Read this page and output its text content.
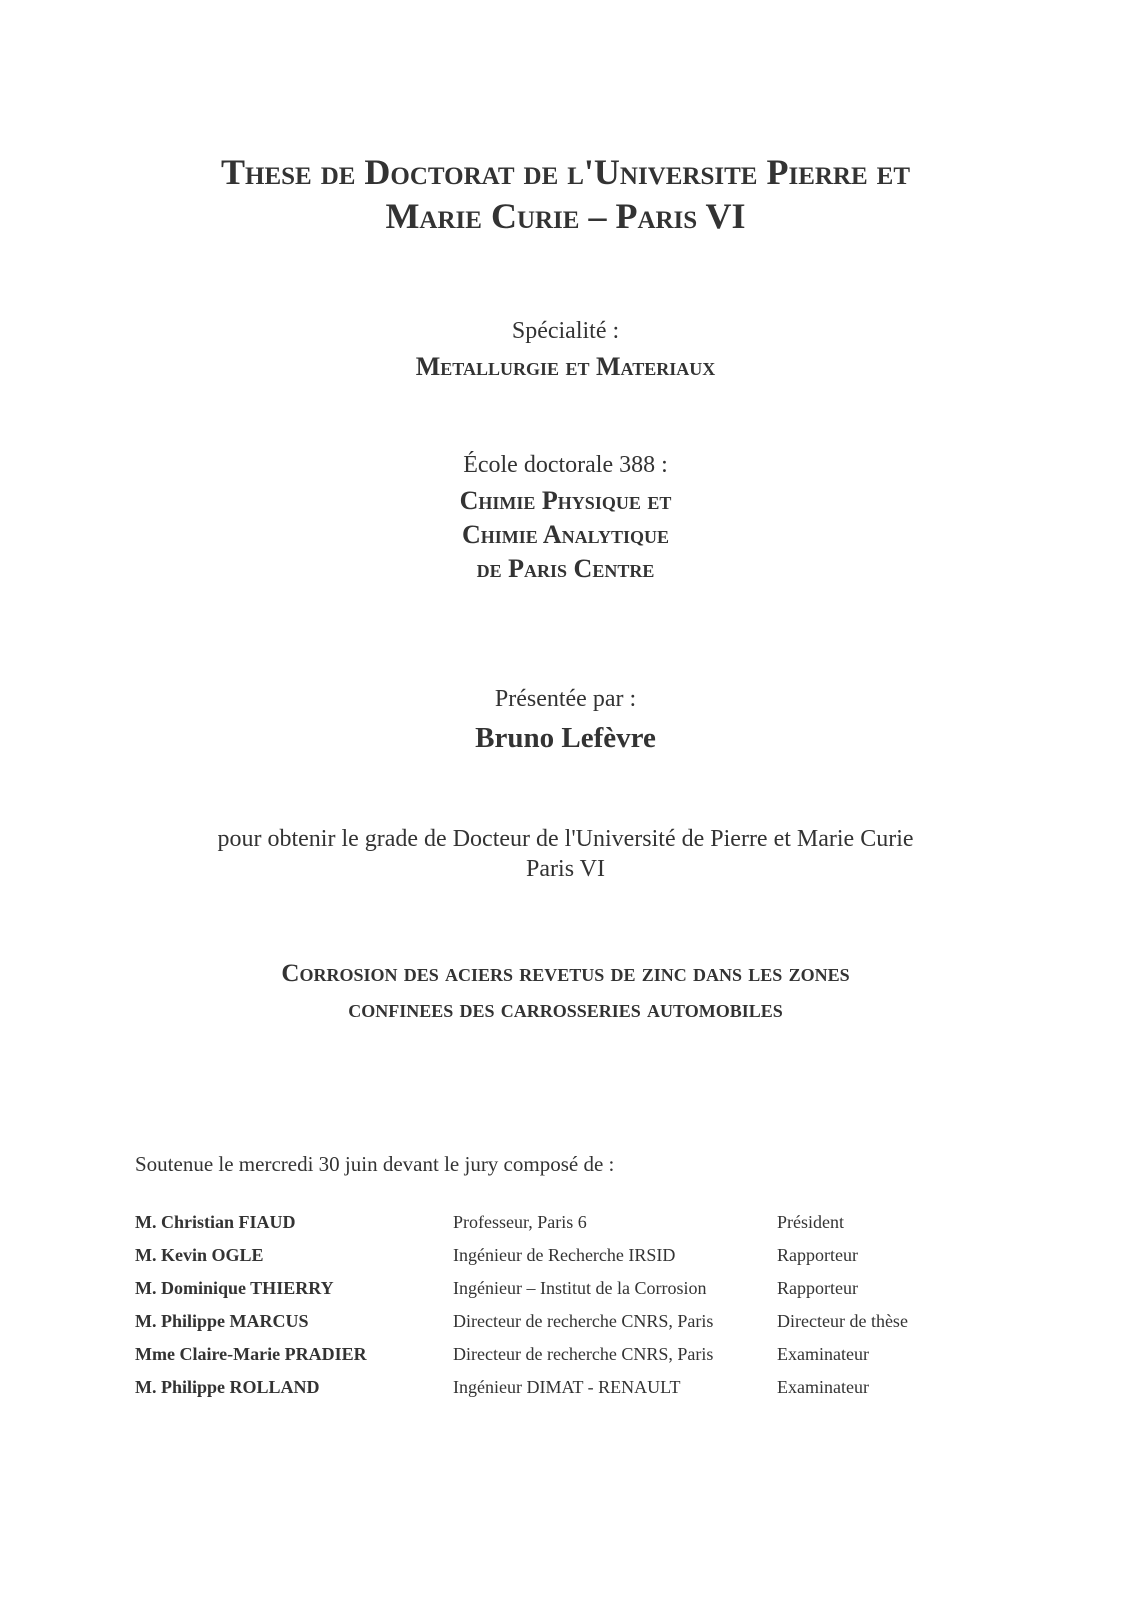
These de Doctorat de l'Universite Pierre et
Marie Curie – Paris VI
Spécialité :
Metallurgie et Materiaux
École doctorale 388 :
Chimie Physique et
Chimie Analytique
de Paris Centre
Présentée par :
Bruno Lefèvre
pour obtenir le grade de Docteur de l'Université de Pierre et Marie Curie
Paris VI
Corrosion des aciers revetus de zinc dans les zones
confinees des carrosseries automobiles
Soutenue le mercredi 30 juin devant le jury composé de :
M. Christian FIAUD	Professeur, Paris 6	Président
M. Kevin OGLE	Ingénieur de Recherche IRSID	Rapporteur
M. Dominique THIERRY	Ingénieur – Institut de la Corrosion	Rapporteur
M. Philippe MARCUS	Directeur de recherche CNRS, Paris	Directeur de thèse
Mme Claire-Marie PRADIER	Directeur de recherche CNRS, Paris	Examinateur
M. Philippe ROLLAND	Ingénieur DIMAT - RENAULT	Examinateur
